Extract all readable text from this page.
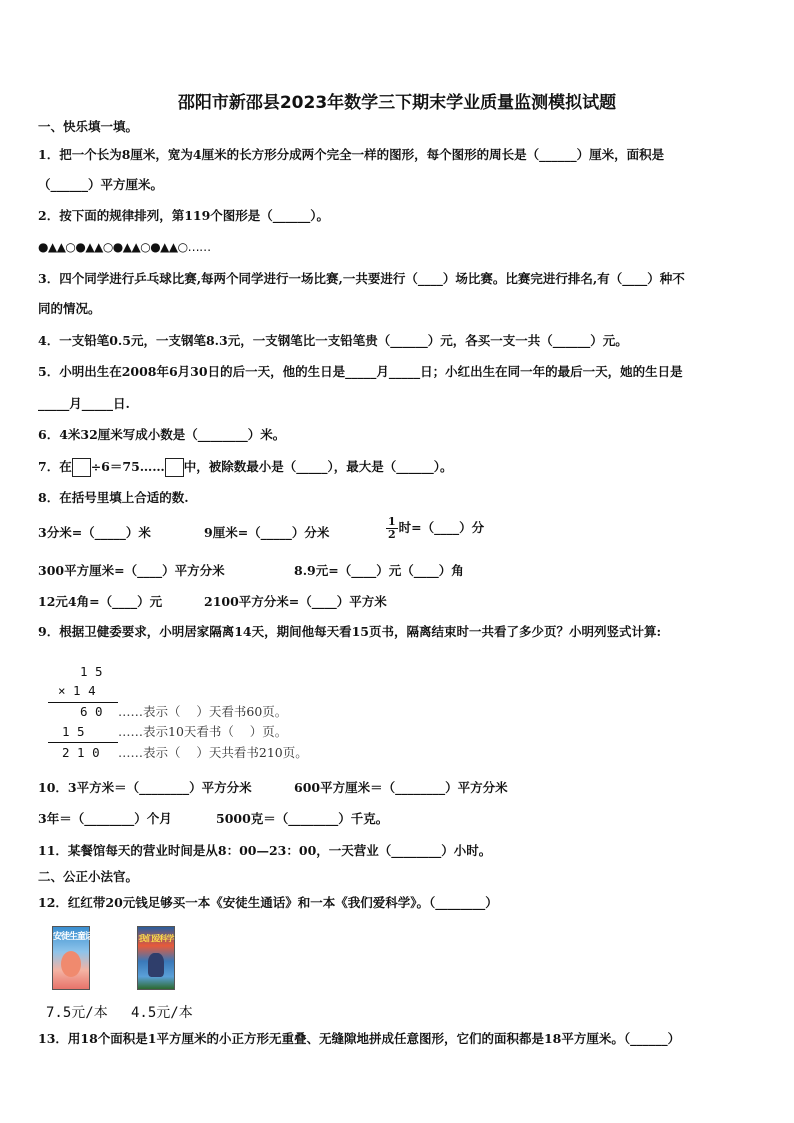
邵阳市新邵县2023年数学三下期末学业质量监测模拟试题
一、快乐填一填。
1．把一个长为8厘米，宽为4厘米的长方形分成两个完全一样的图形，每个图形的周长是（______）厘米，面积是
（______）平方厘米。
2．按下面的规律排列，第119个图形是（______）。
●▲▲○●▲▲○●▲▲○●▲▲○……
3．四个同学进行乒乓球比赛,每两个同学进行一场比赛,一共要进行（____）场比赛。比赛完进行排名,有（____）种不
同的情况。
4．一支铅笔0.5元，一支钢笔8.3元，一支钢笔比一支铅笔贵（______）元，各买一支一共（______）元。
5．小明出生在2008年6月30日的后一天，他的生日是_____月_____日；小红出生在同一年的最后一天，她的生日是
_____月_____日.
6．4米32厘米写成小数是（________）米。
7．在 ÷6＝75…… 中，被除数最小是（_____），最大是（______）。
8．在括号里填上合适的数.
3分米=（_____）米	9厘米=（_____）分米	$\frac{1}{2}$ 时=（____）分
300平方厘米=（____）平方分米	8.9元=（____）元（____）角
12元4角=（____）元	2100平方分米=（____）平方米
9．根据卫健委要求，小明居家隔离14天，期间他每天看15页书，隔离结束时一共看了多少页？小明列竖式计算:
1 5
× 1 4
6 0 ……表示（    ）天看书60页。
1 5	……表示10天看书（    ）页。
2 1 0 ……表示（    ）天共看书210页。
10．3平方米＝（________）平方分米	600平方厘米＝（________）平方分米
3年＝（________）个月	5000克＝（________）千克。
11．某餐馆每天的营业时间是从8：00—23：00，一天营业（________）小时。
二、公正小法官。
12．红红带20元钱足够买一本《安徒生通话》和一本《我们爱科学》。（________）
安徒生童话	我们爱科学
7.5元/本 4.5元/本
13．用18个面积是1平方厘米的小正方形无重叠、无缝隙地拼成任意图形，它们的面积都是18平方厘米。（______）
